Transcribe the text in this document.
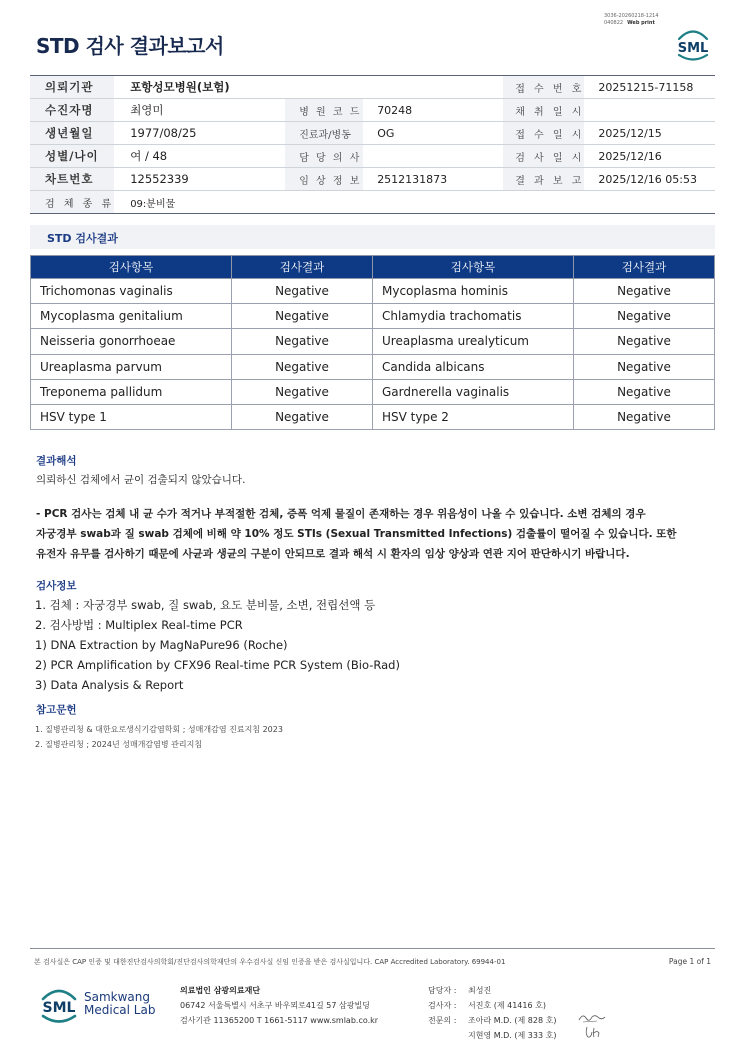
3036-20260218-1214
040822 Web print
STD 검사 결과보고서	SML
의뢰기관	포항성모병원(보험)			접 수 번 호	20251215-71158
수진자명	최영미	병 원 코 드	70248	채 취 일 시	
생년월일	1977/08/25	진료과/병동	OG	접 수 일 시	2025/12/15
성별/나이	여 / 48	담 당 의 사		검 사 일 시	2025/12/16
차트번호	12552339	임 상 정 보	2512131873	결 과 보 고	2025/12/16 05:53
검 체 종 류	09:분비물				
STD 검사결과
검사항목	검사결과	검사항목	검사결과
Trichomonas vaginalis	Negative	Mycoplasma hominis	Negative
Mycoplasma genitalium	Negative	Chlamydia trachomatis	Negative
Neisseria gonorrhoeae	Negative	Ureaplasma urealyticum	Negative
Ureaplasma parvum	Negative	Candida albicans	Negative
Treponema pallidum	Negative	Gardnerella vaginalis	Negative
HSV type 1	Negative	HSV type 2	Negative
결과해석
의뢰하신 검체에서 균이 검출되지 않았습니다.
- PCR 검사는 검체 내 균 수가 적거나 부적절한 검체, 증폭 억제 물질이 존재하는 경우 위음성이 나올 수 있습니다. 소변 검체의 경우
자궁경부 swab과 질 swab 검체에 비해 약 10% 정도 STIs (Sexual Transmitted Infections) 검출률이 떨어질 수 있습니다. 또한
유전자 유무를 검사하기 때문에 사균과 생균의 구분이 안되므로 결과 해석 시 환자의 임상 양상과 연관 지어 판단하시기 바랍니다.
검사정보
1. 검체 : 자궁경부 swab, 질 swab, 요도 분비물, 소변, 전립선액 등
2. 검사방법 : Multiplex Real-time PCR
1) DNA Extraction by MagNaPure96 (Roche)
2) PCR Amplification by CFX96 Real-time PCR System (Bio-Rad)
3) Data Analysis & Report
참고문헌
1. 질병관리청 & 대한요로생식기감염학회 ; 성매개감염 진료지침 2023
2. 질병관리청 ; 2024년 성매개감염병 관리지침
본 검사실은 CAP 인증 및 대한진단검사의학회/진단검사의학재단의 우수검사실 신임 인증을 받은 검사실입니다. CAP Accredited Laboratory. 69944-01	Page 1 of 1
SML
Samkwang
Medical Lab
의료법인 삼광의료재단
06742 서울특별시 서초구 바우뫼로41길 57 삼광빌딩
검사기관 11365200 T 1661-5117 www.smlab.co.kr
담당자 : 최성진
검사자 : 서진호 (제 41416 호)
전문의 : 조아라 M.D. (제 828 호)
지현영 M.D. (제 333 호)
